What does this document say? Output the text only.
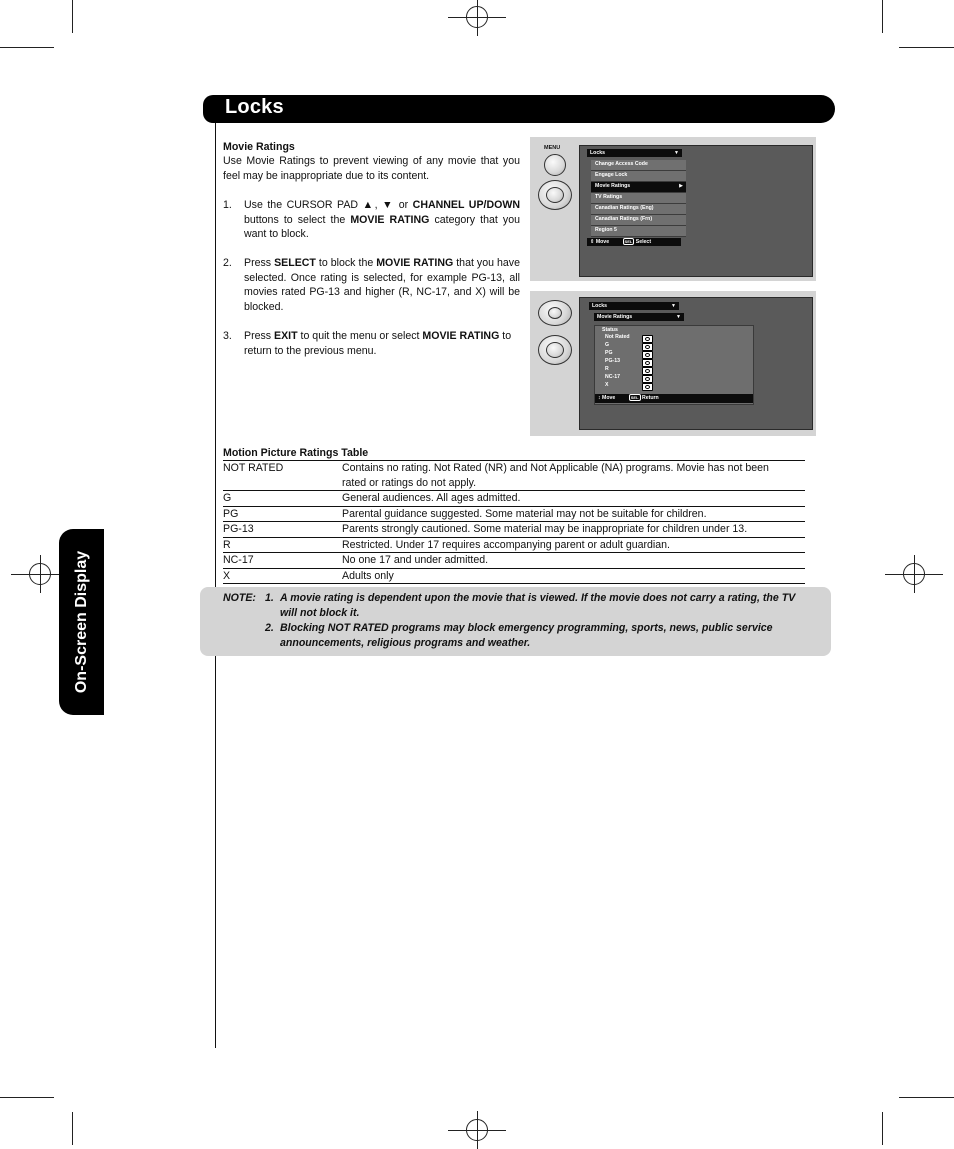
Locks
On-Screen Display
Movie Ratings
Use Movie Ratings to prevent viewing of any movie that you feel may be inappropriate due to its content.
1. Use the CURSOR PAD ▲, ▼ or CHANNEL UP/DOWN buttons to select the MOVIE RATING category that you want to block.
2. Press SELECT to block the MOVIE RATING that you have selected. Once rating is selected, for example PG-13, all movies rated PG-13 and higher (R, NC-17, and X) will be blocked.
3. Press EXIT to quit the menu or select MOVIE RATING to return to the previous menu.
MENU
Locks	▼
Change Access Code
Engage Lock
Movie Ratings	▶
TV Ratings
Canadian Ratings (Eng)
Canadian Ratings (Frn)
Region 5
⇕ Move	SEL Select
Locks	▼
Movie Ratings	▼
Status
Not Rated
G
PG
PG-13
R
NC-17
X
↕ Move	SEL Return
Motion Picture Ratings Table
NOT RATED	Contains no rating. Not Rated (NR) and Not Applicable (NA) programs. Movie has not been rated or ratings do not apply.
G	General audiences. All ages admitted.
PG	Parental guidance suggested. Some material may not be suitable for children.
PG-13	Parents strongly cautioned. Some material may be inappropriate for children under 13.
R	Restricted. Under 17 requires accompanying parent or adult guardian.
NC-17	No one 17 and under admitted.
X	Adults only
NOTE: 1. A movie rating is dependent upon the movie that is viewed. If the movie does not carry a rating, the TV will not block it.
2. Blocking NOT RATED programs may block emergency programming, sports, news, public service announcements, religious programs and weather.
